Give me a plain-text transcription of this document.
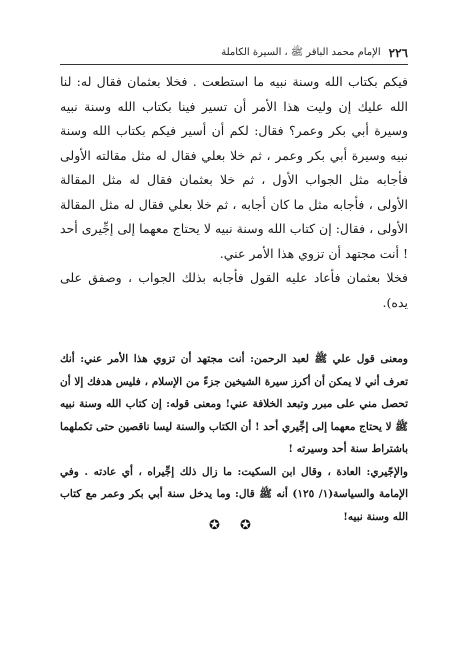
٢٢٦
الإمام محمد الباقر ﷺ ، السيرة الكاملة

فيكم بكتاب الله وسنة نبيه ما استطعت . فخلا بعثمان فقال له: لنا الله عليك إن وليت هذا الأمر أن تسير فينا بكتاب الله وسنة نبيه وسيرة أبي بكر وعمر؟ فقال: لكم أن أسير فيكم بكتاب الله وسنة نبيه وسيرة أبي بكر وعمر ، ثم خلا بعلي فقال له مثل مقالته الأولى فأجابه مثل الجواب الأول ، ثم خلا بعثمان فقال له مثل المقالة الأولى ، فأجابه مثل ما كان أجابه ، ثم خلا بعلي فقال له مثل المقالة الأولى ، فقال: إن كتاب الله وسنة نبيه لا يحتاج معهما إلى إجِّيرى أحد ! أنت مجتهد أن تزوي هذا الأمر عني.

فخلا بعثمان فأعاد عليه القول فأجابه بذلك الجواب ، وصفق على يده).

ومعنى قول علي ﷺ لعبد الرحمن: أنت مجتهد أن تزوي هذا الأمر عني: أنك تعرف أني لا يمكن أن أكرز سيرة الشيخين جزءً من الإسلام ، فليس هدفك إلا أن تحصل مني على مبرر وتبعد الخلافة عني! ومعنى قوله: إن كتاب الله وسنة نبيه ﷺ لا يحتاج معهما إلى إجِّيري أحد ! أن الكتاب والسنة ليسا ناقصين حتى تكملهما باشتراط سنة أحد وسيرته !

والإجّيري: العادة ، وقال ابن السكيت: ما زال ذلك إجِّيراه ، أي عادته . وفي الإمامة والسياسة(١/ ١٢٥) أنه ﷺ قال: وما يدخل سنة أبي بكر وعمر مع كتاب الله وسنة نبيه!

✪ ✪
